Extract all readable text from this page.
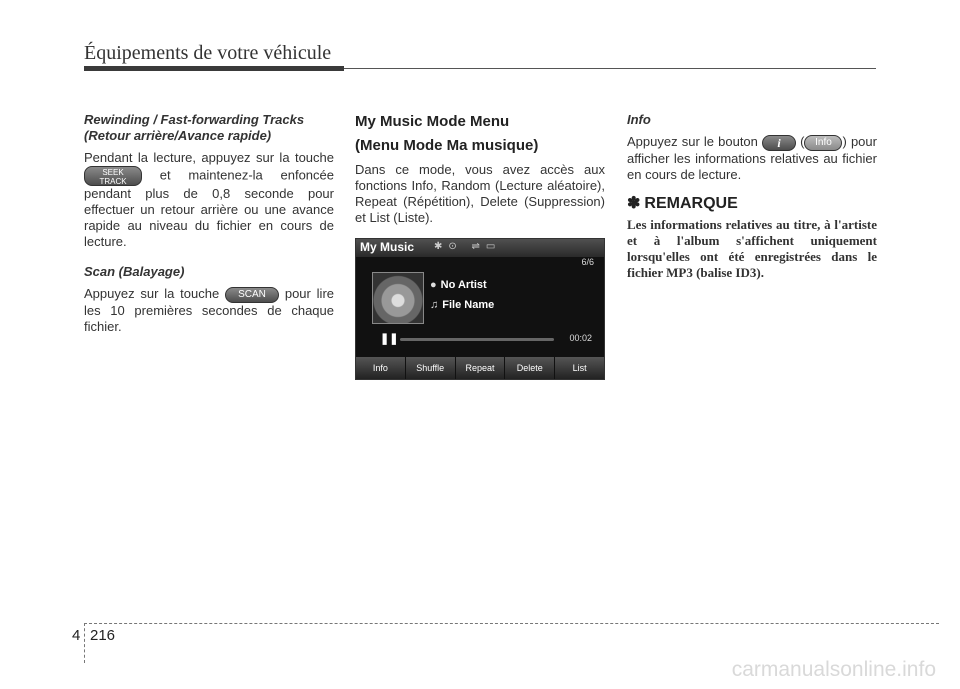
Équipements de votre véhicule

Rewinding / Fast-forwarding Tracks

(Retour arrière/Avance rapide)

Pendant la lecture, appuyez sur la touche SEEK
TRACK	et maintenez-la enfoncée pendant plus de 0,8 seconde pour effectuer un retour arrière ou une avance rapide au niveau du fichier en cours de lecture.

Scan (Balayage)

Appuyez sur la touche SCAN pour lire les 10 premières secondes de chaque fichier.

My Music Mode Menu

(Menu Mode Ma musique)

Dans ce mode, vous avez accès aux fonctions Info, Random (Lecture aléatoire), Repeat (Répétition), Delete (Suppression) et List (Liste).

My Music ✱⊙ ⇌▭
6/6
● No Artist
♫ File Name
❚❚	00:02
Info	Shuffle	Repeat	Delete	List

Info

Appuyez sur le bouton i ( Info ) pour afficher les informations relatives au fichier en cours de lecture.

✽ REMARQUE

Les informations relatives au titre, à l'artiste et à l'album s'affichent uniquement lorsqu'elles ont été enregistrées dans le fichier MP3 (balise ID3).

4 216
carmanualsonline.info
